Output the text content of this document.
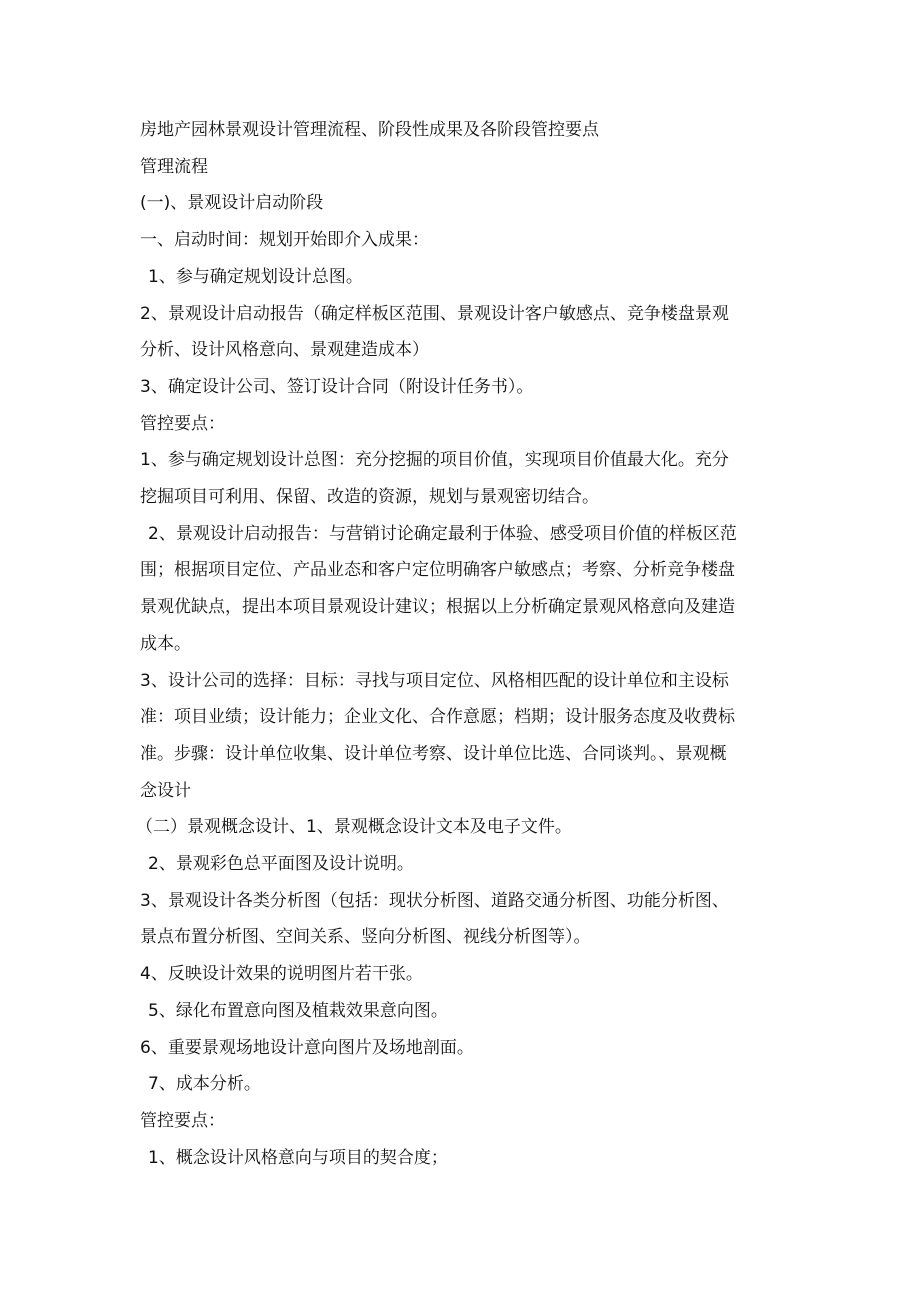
房地产园林景观设计管理流程、阶段性成果及各阶段管控要点
管理流程
(一)、景观设计启动阶段
一、启动时间：规划开始即介入成果：
1、参与确定规划设计总图。
2、景观设计启动报告（确定样板区范围、景观设计客户敏感点、竞争楼盘景观
分析、设计风格意向、景观建造成本）
3、确定设计公司、签订设计合同（附设计任务书）。
管控要点：
1、参与确定规划设计总图：充分挖掘的项目价值，实现项目价值最大化。充分
挖掘项目可利用、保留、改造的资源，规划与景观密切结合。
2、景观设计启动报告：与营销讨论确定最利于体验、感受项目价值的样板区范
围；根据项目定位、产品业态和客户定位明确客户敏感点；考察、分析竞争楼盘
景观优缺点，提出本项目景观设计建议；根据以上分析确定景观风格意向及建造
成本。
3、设计公司的选择：目标：寻找与项目定位、风格相匹配的设计单位和主设标
准：项目业绩；设计能力；企业文化、合作意愿；档期；设计服务态度及收费标
准。步骤：设计单位收集、设计单位考察、设计单位比选、合同谈判。、景观概
念设计
（二）景观概念设计、1、景观概念设计文本及电子文件。
2、景观彩色总平面图及设计说明。
3、景观设计各类分析图（包括：现状分析图、道路交通分析图、功能分析图、
景点布置分析图、空间关系、竖向分析图、视线分析图等）。
4、反映设计效果的说明图片若干张。
5、绿化布置意向图及植栽效果意向图。
6、重要景观场地设计意向图片及场地剖面。
7、成本分析。
管控要点：
1、概念设计风格意向与项目的契合度；
